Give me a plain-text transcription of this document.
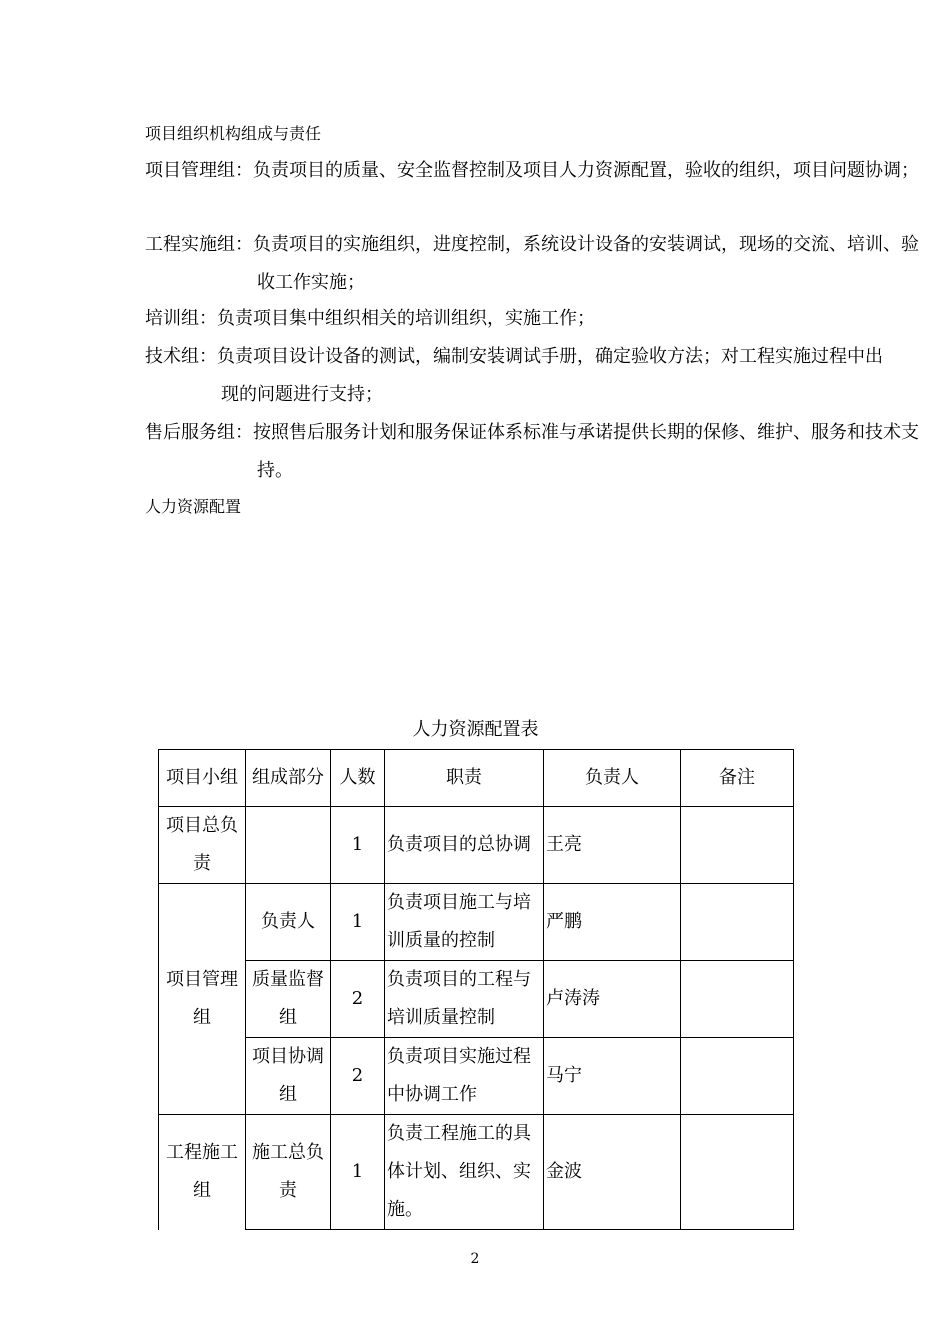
项目组织机构组成与责任
项目管理组：负责项目的质量、安全监督控制及项目人力资源配置，验收的组织，项目问题协调；
工程实施组：负责项目的实施组织，进度控制，系统设计设备的安装调试，现场的交流、培训、验收工作实施；
培训组：负责项目集中组织相关的培训组织，实施工作；
技术组：负责项目设计设备的测试，编制安装调试手册，确定验收方法；对工程实施过程中出现的问题进行支持；
售后服务组：按照售后服务计划和服务保证体系标准与承诺提供长期的保修、维护、服务和技术支持。
人力资源配置
人力资源配置表
项目小组	组成部分	人数	职责	负责人	备注
项目总负责		1	负责项目的总协调	王亮	
项目管理组	负责人	1	负责项目施工与培训质量的控制	严鹏	
	质量监督组	2	负责项目的工程与培训质量控制	卢涛涛	
	项目协调组	2	负责项目实施过程中协调工作	马宁	
工程施工组	施工总负责	1	负责工程施工的具体计划、组织、实施。	金波	
2
